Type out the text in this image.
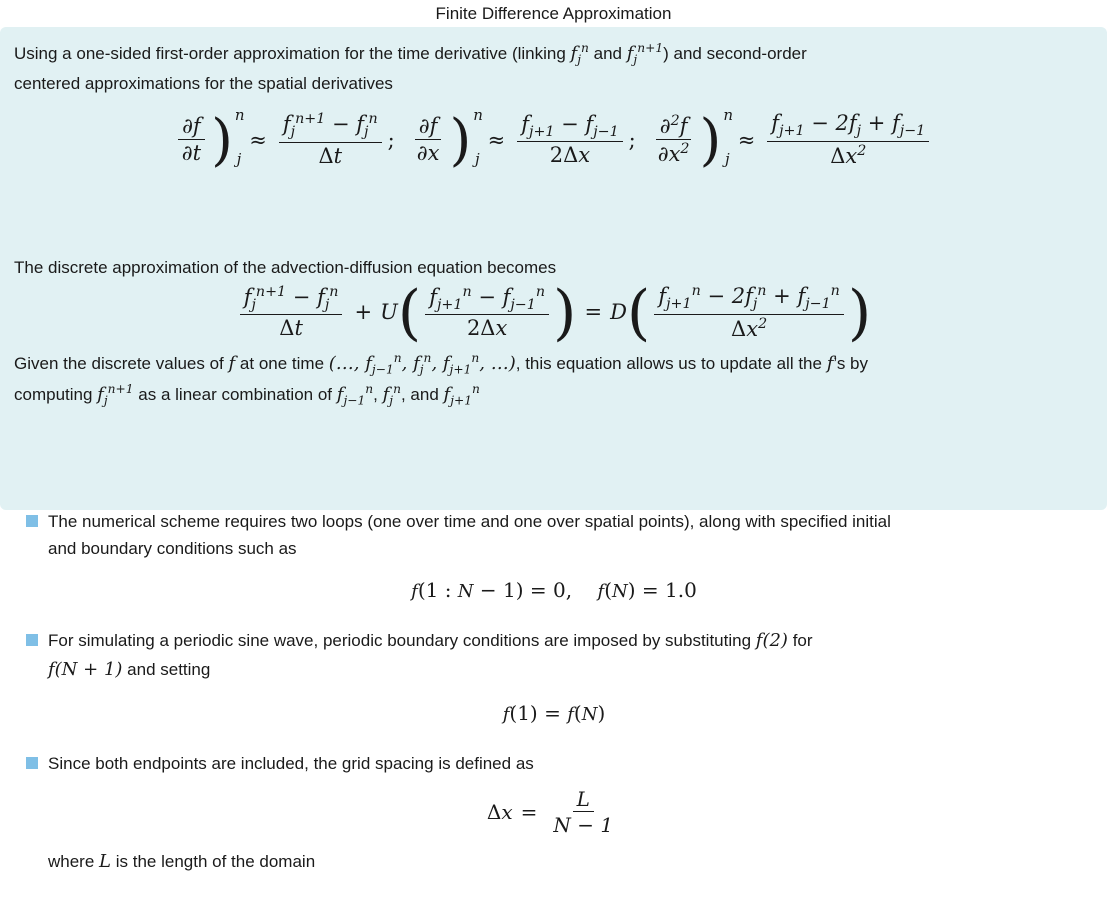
Finite Difference Approximation

Using a one-sided first-order approximation for the time derivative (linking $f_j^n$ and $f_j^{n+1}$) and second-order
centered approximations for the spatial derivatives

$\frac{\partial f}{\partial t}$ ) n
j
≈ $\frac{f_j^{n+1} - f_j^n}{\Delta t}$ ; $\frac{\partial f}{\partial x}$ ) n
j
≈ $\frac{f_{j+1} - f_{j-1}}{2\Delta x}$ ; $\frac{\partial^2f}{\partial x^2}$ ) n
j
≈ $\frac{f_{j+1} - 2f_j + f_{j-1}}{\Delta x^2}$

The discrete approximation of the advection-diffusion equation becomes

$\frac{f_j^{n+1} - f_j^n}{\Delta t} + U$ ( $\frac{f_{j+1}^n - f_{j-1}^n}{2\Delta x}$ ) = D ( $\frac{f_{j+1}^n - 2f_j^n + f_{j-1}^n}{\Delta x^2}$ )

Given the discrete values of f at one time (…, $f_{j-1}^n$, $f_j^n$, $f_{j+1}^n$, …), this equation allows us to update all the f’s by
computing $f_j^{n+1}$ as a linear combination of $f_{j-1}^n$, $f_j^n$, and $f_{j+1}^n$

The numerical scheme requires two loops (one over time and one over spatial points), along with specified initial
and boundary conditions such as
f(1 : N − 1) = 0,    f(N) = 1.0
For simulating a periodic sine wave, periodic boundary conditions are imposed by substituting f(2) for
f(N + 1) and setting
f(1) = f(N)
Since both endpoints are included, the grid spacing is defined as
Δ $x = \frac{L}{N - 1}$
where L is the length of the domain
